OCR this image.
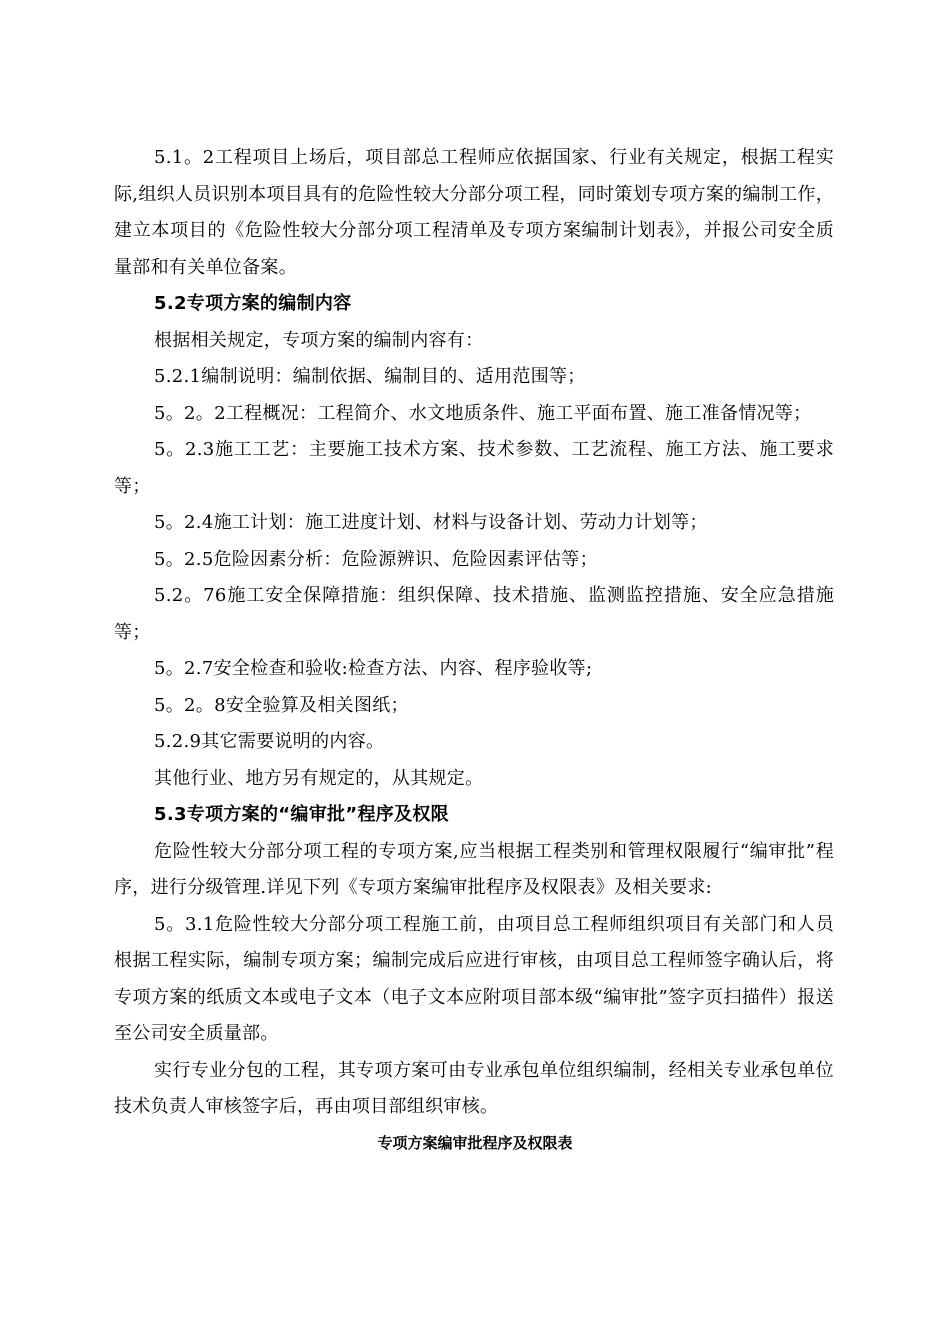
5.1。2工程项目上场后，项目部总工程师应依据国家、行业有关规定，根据工程实际,组织人员识别本项目具有的危险性较大分部分项工程，同时策划专项方案的编制工作，建立本项目的《危险性较大分部分项工程清单及专项方案编制计划表》，并报公司安全质量部和有关单位备案。

5.2专项方案的编制内容

根据相关规定，专项方案的编制内容有：

5.2.1编制说明：编制依据、编制目的、适用范围等；

5。2。2工程概况：工程简介、水文地质条件、施工平面布置、施工准备情况等；

5。2.3施工工艺：主要施工技术方案、技术参数、工艺流程、施工方法、施工要求等；

5。2.4施工计划：施工进度计划、材料与设备计划、劳动力计划等；

5。2.5危险因素分析：危险源辨识、危险因素评估等；

5.2。76施工安全保障措施：组织保障、技术措施、监测监控措施、安全应急措施等；

5。2.7安全检查和验收:检查方法、内容、程序验收等;

5。2。8安全验算及相关图纸；

5.2.9其它需要说明的内容。

其他行业、地方另有规定的，从其规定。

5.3专项方案的“编审批”程序及权限

危险性较大分部分项工程的专项方案,应当根据工程类别和管理权限履行“编审批”程序，进行分级管理.详见下列《专项方案编审批程序及权限表》及相关要求:

5。3.1危险性较大分部分项工程施工前，由项目总工程师组织项目有关部门和人员根据工程实际，编制专项方案；编制完成后应进行审核，由项目总工程师签字确认后，将专项方案的纸质文本或电子文本（电子文本应附项目部本级“编审批”签字页扫描件）报送至公司安全质量部。

实行专业分包的工程，其专项方案可由专业承包单位组织编制，经相关专业承包单位技术负责人审核签字后，再由项目部组织审核。

专项方案编审批程序及权限表
